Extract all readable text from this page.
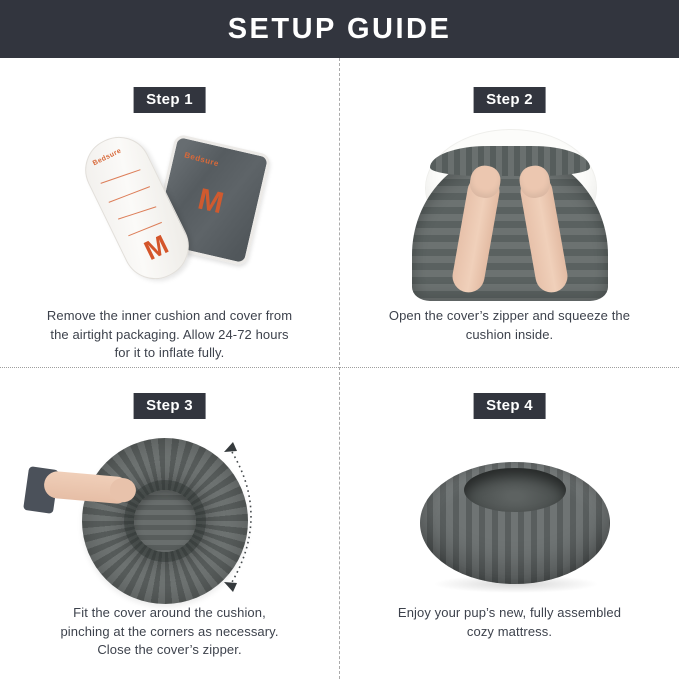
SETUP GUIDE
Step 1
Bedsure
M
Bedsure
M

Remove the inner cushion and cover from
the airtight packaging. Allow 24-72 hours
for it to inflate fully.

Step 2

Open the cover’s zipper and squeeze the
cushion inside.

Step 3

Fit the cover around the cushion,
pinching at the corners as necessary.
Close the cover’s zipper.

Step 4

Enjoy your pup’s new, fully assembled
cozy mattress.
